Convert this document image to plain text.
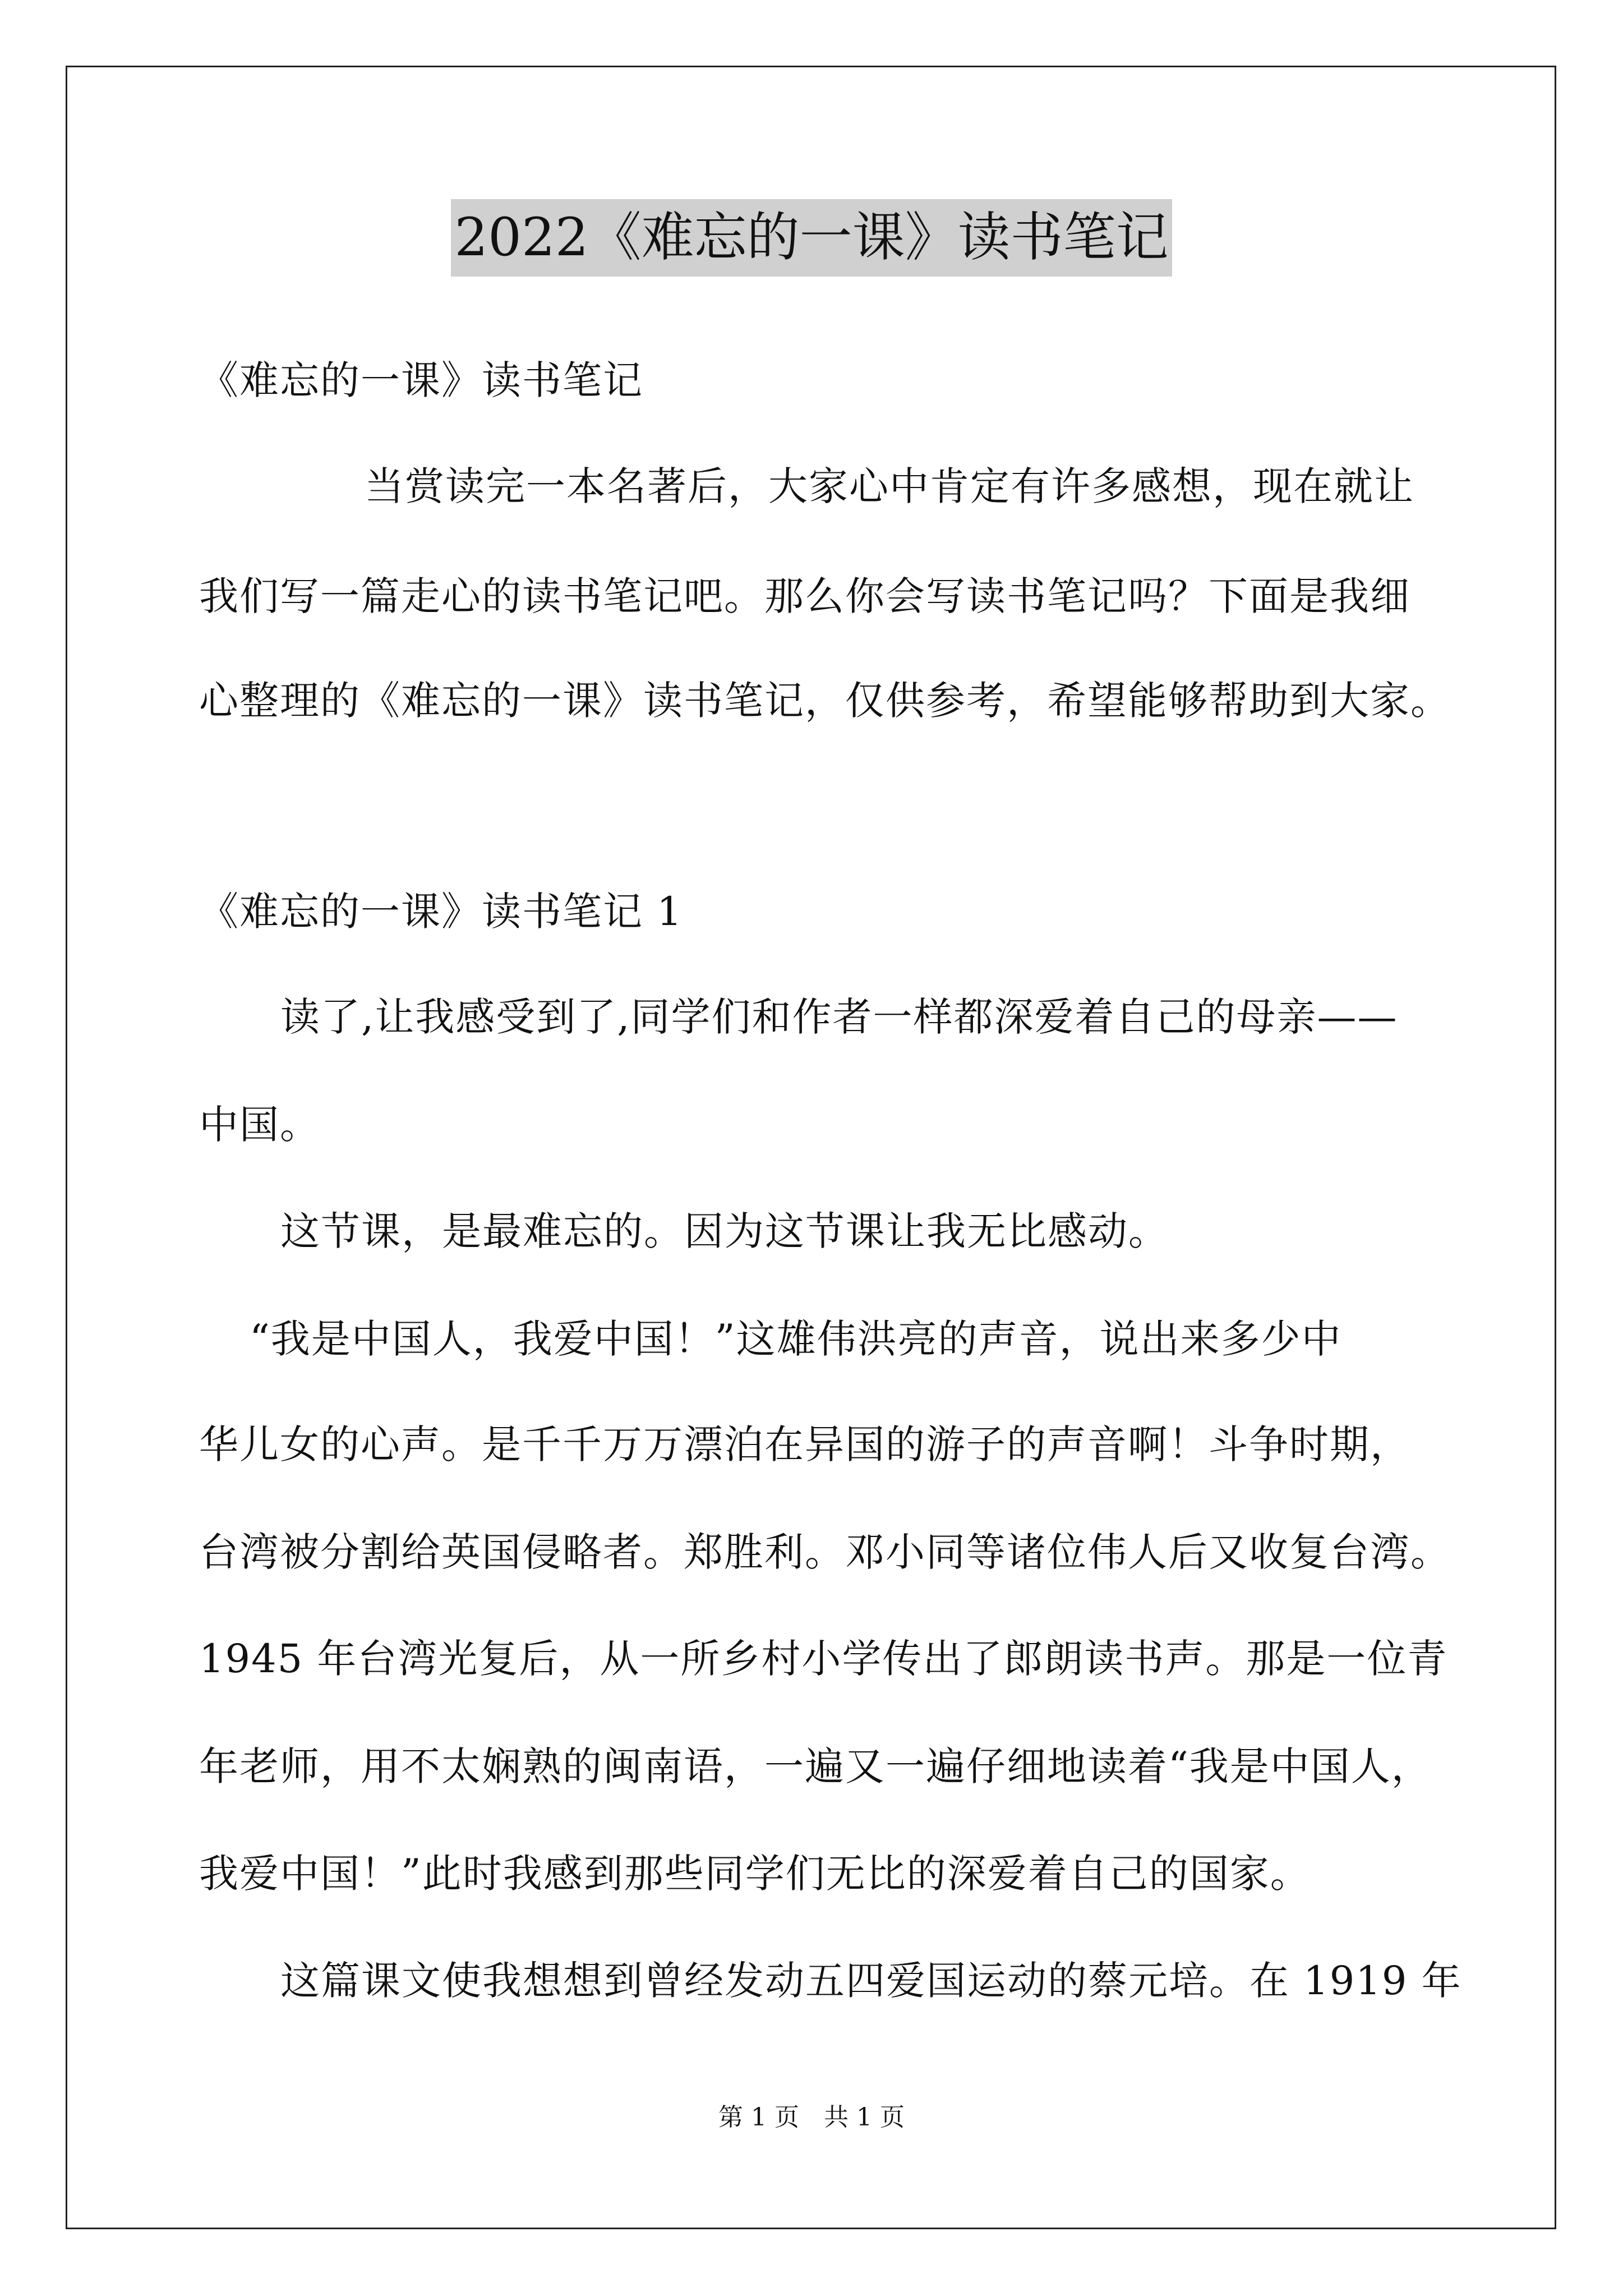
2022《难忘的一课》读书笔记
《难忘的一课》读书笔记
当赏读完一本名著后，大家心中肯定有许多感想，现在就让
我们写一篇走心的读书笔记吧。那么你会写读书笔记吗？下面是我细
心整理的《难忘的一课》读书笔记，仅供参考，希望能够帮助到大家。
《难忘的一课》读书笔记 1
读了,让我感受到了,同学们和作者一样都深爱着自己的母亲——
中国。
这节课，是最难忘的。因为这节课让我无比感动。
“我是中国人，我爱中国！”这雄伟洪亮的声音，说出来多少中
华儿女的心声。是千千万万漂泊在异国的游子的声音啊！斗争时期，
台湾被分割给英国侵略者。郑胜利。邓小同等诸位伟人后又收复台湾。
1945 年台湾光复后，从一所乡村小学传出了郎朗读书声。那是一位青
年老师，用不太娴熟的闽南语，一遍又一遍仔细地读着“我是中国人，
我爱中国！”此时我感到那些同学们无比的深爱着自己的国家。
这篇课文使我想想到曾经发动五四爱国运动的蔡元培。在 1919 年
第 1 页　共 1 页
